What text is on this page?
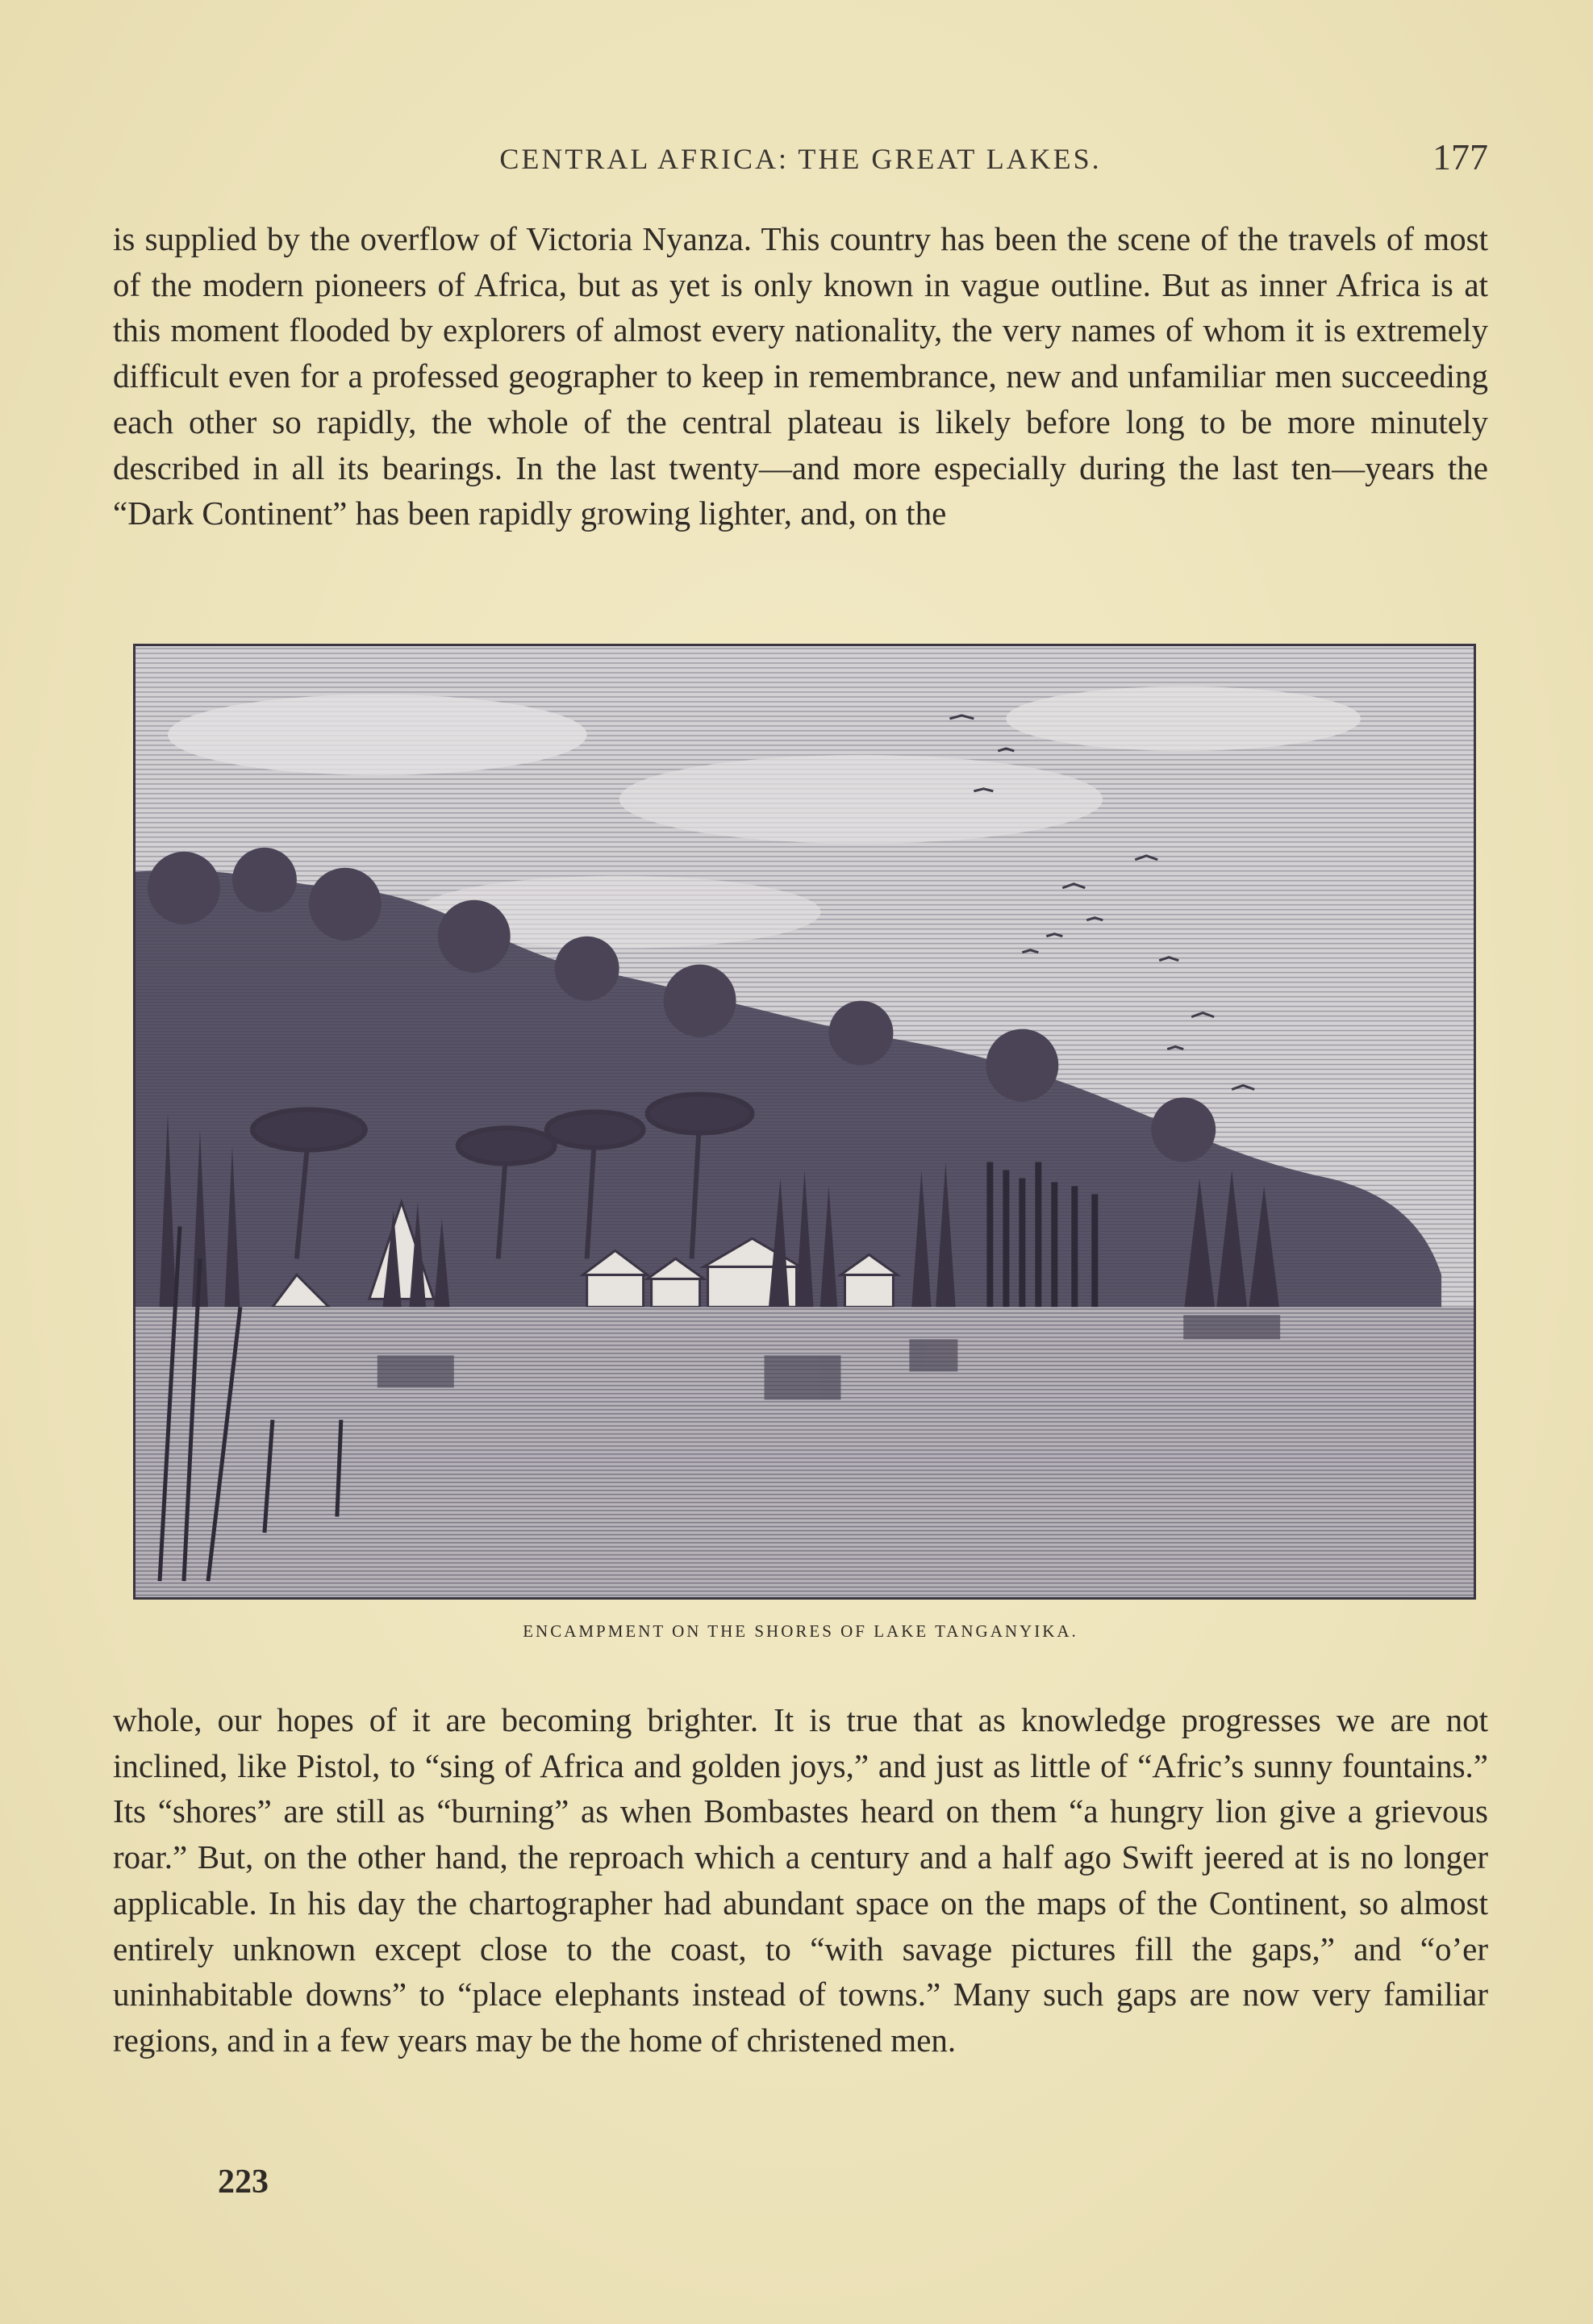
CENTRAL AFRICA: THE GREAT LAKES.	177

is supplied by the overflow of Victoria Nyanza. This country has been the scene of the travels of most of the modern pioneers of Africa, but as yet is only known in vague outline. But as inner Africa is at this moment flooded by explorers of almost every nationality, the very names of whom it is extremely difficult even for a professed geographer to keep in remembrance, new and unfamiliar men succeeding each other so rapidly, the whole of the central plateau is likely before long to be more minutely described in all its bearings. In the last twenty—and more especially during the last ten—years the “Dark Continent” has been rapidly growing lighter, and, on the

ENCAMPMENT ON THE SHORES OF LAKE TANGANYIKA.

whole, our hopes of it are becoming brighter. It is true that as knowledge progresses we are not inclined, like Pistol, to “sing of Africa and golden joys,” and just as little of “Afric’s sunny fountains.” Its “shores” are still as “burning” as when Bombastes heard on them “a hungry lion give a grievous roar.” But, on the other hand, the reproach which a century and a half ago Swift jeered at is no longer applicable. In his day the chartographer had abundant space on the maps of the Continent, so almost entirely unknown except close to the coast, to “with savage pictures fill the gaps,” and “o’er uninhabitable downs” to “place elephants instead of towns.” Many such gaps are now very familiar regions, and in a few years may be the home of christened men.

223
